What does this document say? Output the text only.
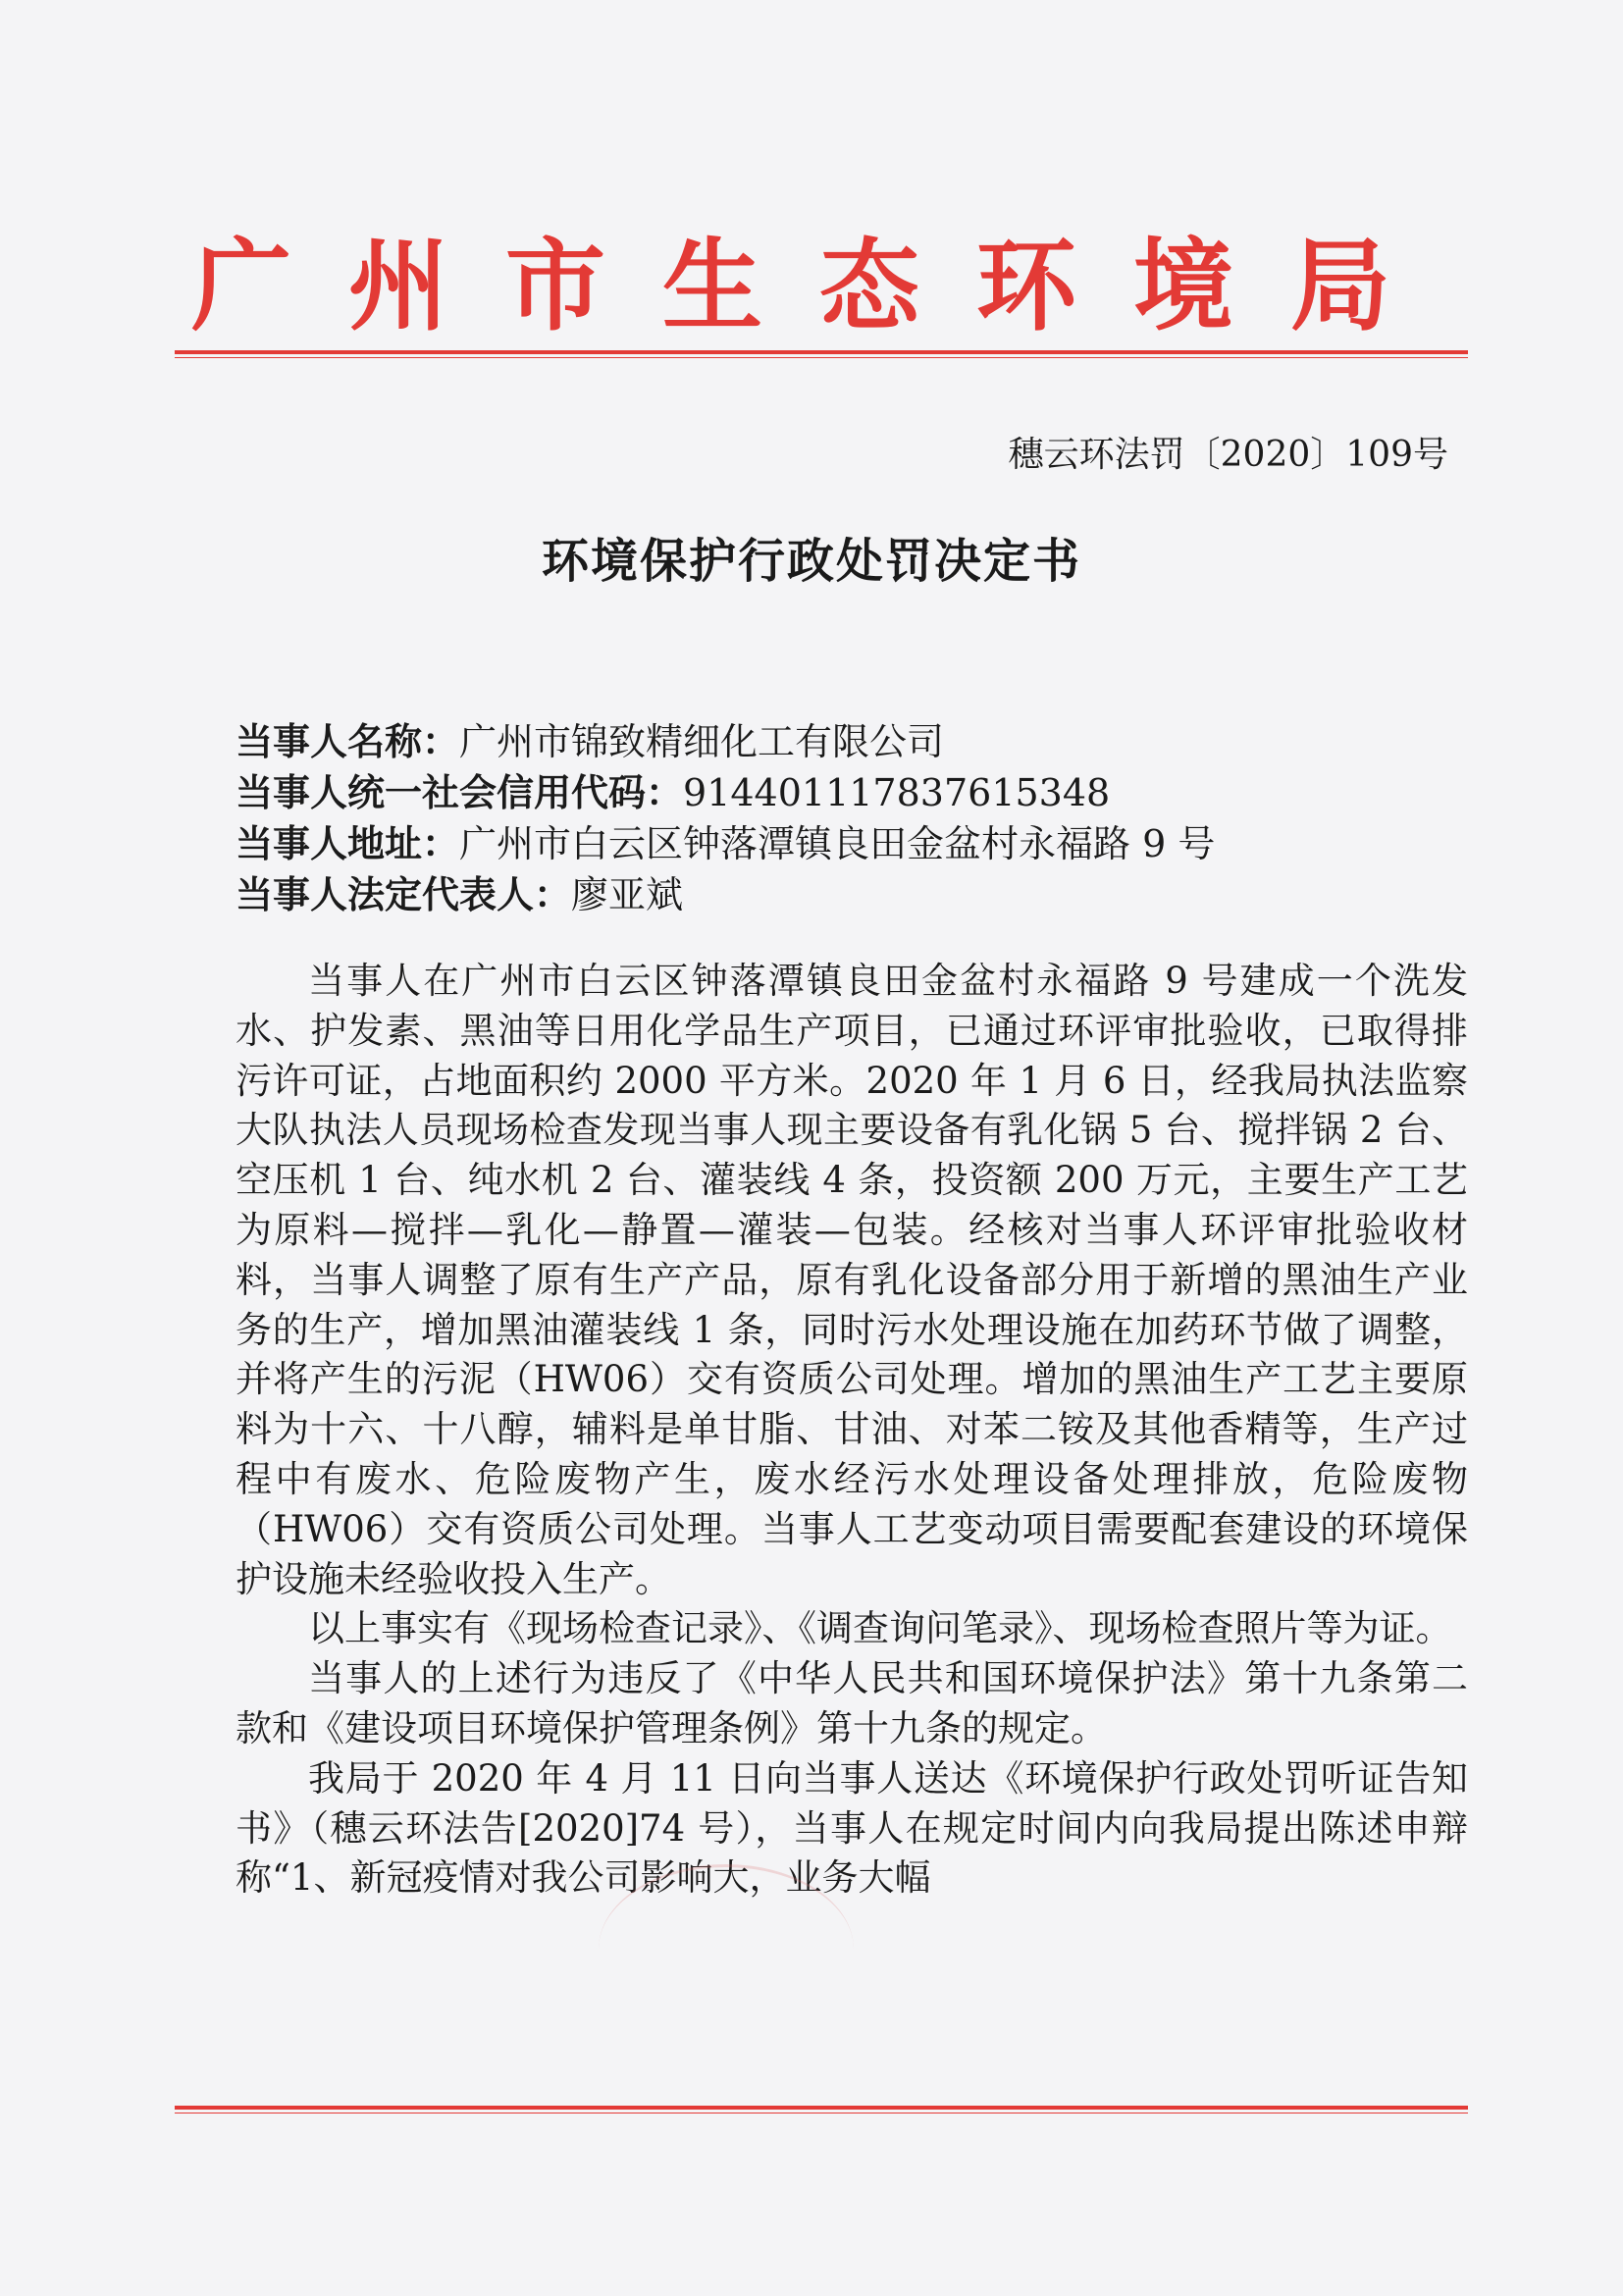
广州市生态环境局
穗云环法罚〔2020〕109号
环境保护行政处罚决定书
当事人名称：广州市锦致精细化工有限公司
当事人统一社会信用代码：914401117837615348
当事人地址：广州市白云区钟落潭镇良田金盆村永福路 9 号
当事人法定代表人：廖亚斌

当事人在广州市白云区钟落潭镇良田金盆村永福路 9 号建成一个洗发水、护发素、黑油等日用化学品生产项目，已通过环评审批验收，已取得排污许可证，占地面积约 2000 平方米。2020 年 1 月 6 日，经我局执法监察大队执法人员现场检查发现当事人现主要设备有乳化锅 5 台、搅拌锅 2 台、空压机 1 台、纯水机 2 台、灌装线 4 条，投资额 200 万元，主要生产工艺为原料—搅拌—乳化—静置—灌装—包装。经核对当事人环评审批验收材料，当事人调整了原有生产产品，原有乳化设备部分用于新增的黑油生产业务的生产，增加黑油灌装线 1 条，同时污水处理设施在加药环节做了调整，并将产生的污泥（HW06）交有资质公司处理。增加的黑油生产工艺主要原料为十六、十八醇，辅料是单甘脂、甘油、对苯二铵及其他香精等，生产过程中有废水、危险废物产生，废水经污水处理设备处理排放，危险废物（HW06）交有资质公司处理。当事人工艺变动项目需要配套建设的环境保护设施未经验收投入生产。

以上事实有《现场检查记录》、《调查询问笔录》、现场检查照片等为证。

当事人的上述行为违反了《中华人民共和国环境保护法》第十九条第二款和《建设项目环境保护管理条例》第十九条的规定。

我局于 2020 年 4 月 11 日向当事人送达《环境保护行政处罚听证告知书》（穗云环法告[2020]74 号），当事人在规定时间内向我局提出陈述申辩称“1、新冠疫情对我公司影响大，业务大幅
